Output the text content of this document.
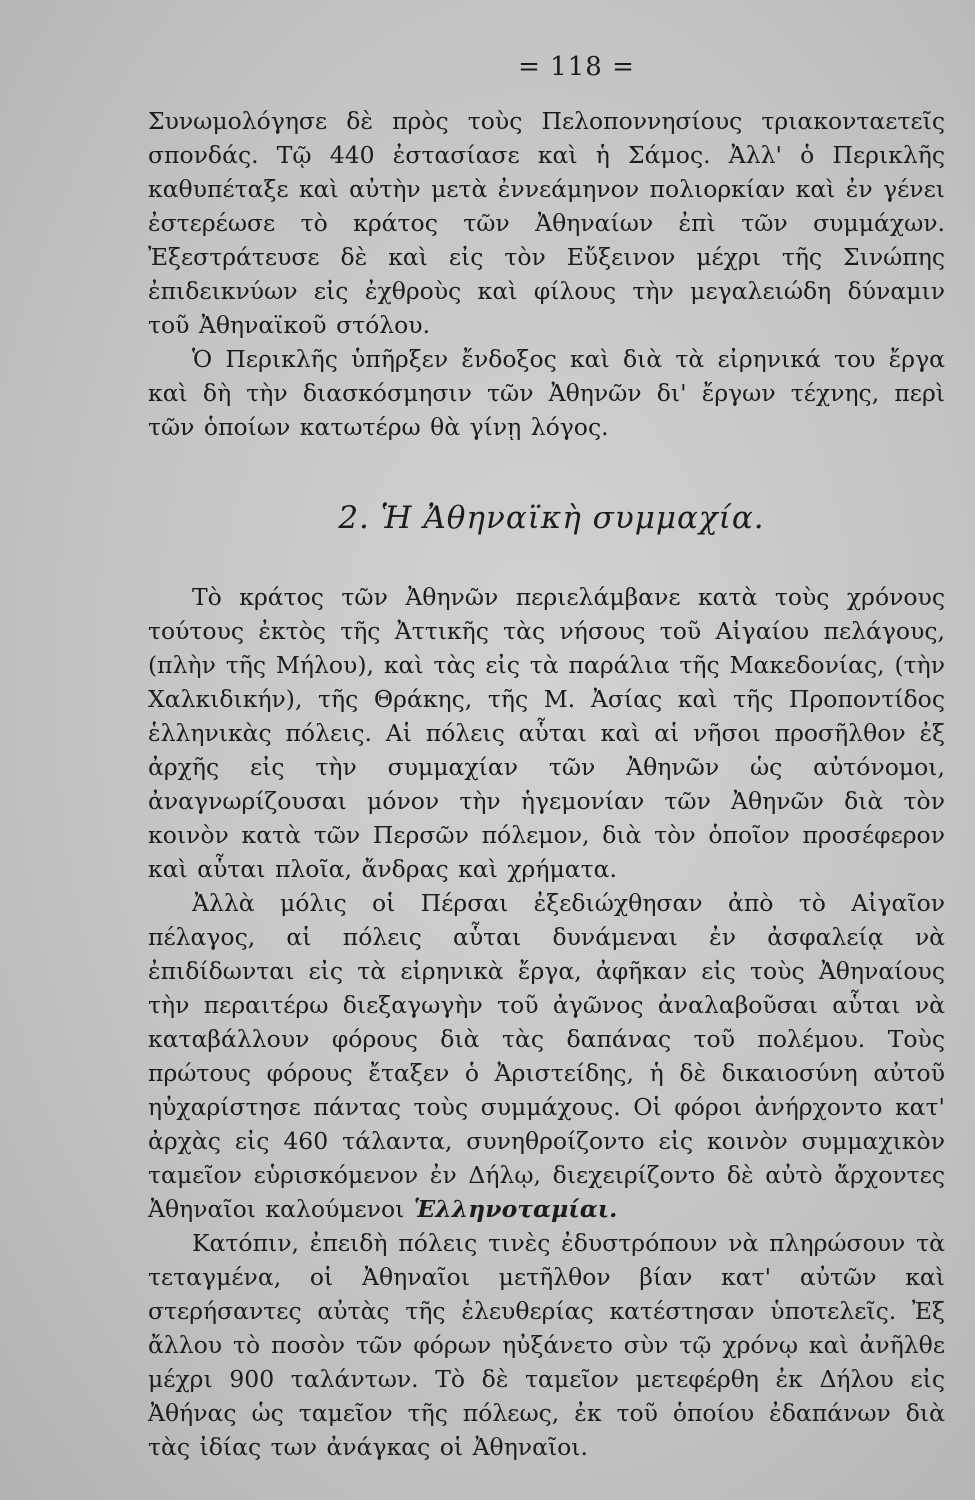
= 118 =

Συνωμολόγησε δὲ πρὸς τοὺς Πελοποννησίους τριακονταετεῖς σπονδάς. Τῷ 440 ἐστασίασε καὶ ἡ Σάμος. Ἀλλ' ὁ Περικλῆς καθυπέταξε καὶ αὐτὴν μετὰ ἐννεάμηνον πολιορκίαν καὶ ἐν γένει ἐστερέωσε τὸ κράτος τῶν Ἀθηναίων ἐπὶ τῶν συμμάχων. Ἐξεστράτευσε δὲ καὶ εἰς τὸν Εὔξεινον μέχρι τῆς Σινώπης ἐπιδεικνύων εἰς ἐχθροὺς καὶ φίλους τὴν μεγαλειώδη δύναμιν τοῦ Ἀθηναϊκοῦ στόλου.

Ὁ Περικλῆς ὑπῆρξεν ἔνδοξος καὶ διὰ τὰ εἰρηνικά του ἔργα καὶ δὴ τὴν διασκόσμησιν τῶν Ἀθηνῶν δι' ἔργων τέχνης, περὶ τῶν ὁποίων κατωτέρω θὰ γίνῃ λόγος.

2. Ἡ Ἀθηναϊκὴ συμμαχία.

Τὸ κράτος τῶν Ἀθηνῶν περιελάμβανε κατὰ τοὺς χρόνους τούτους ἐκτὸς τῆς Ἀττικῆς τὰς νήσους τοῦ Αἰγαίου πελάγους, (πλὴν τῆς Μήλου), καὶ τὰς εἰς τὰ παράλια τῆς Μακεδονίας, (τὴν Χαλκιδικήν), τῆς Θράκης, τῆς Μ. Ἀσίας καὶ τῆς Προποντίδος ἑλληνικὰς πόλεις. Αἱ πόλεις αὗται καὶ αἱ νῆσοι προσῆλθον ἐξ ἀρχῆς εἰς τὴν συμμαχίαν τῶν Ἀθηνῶν ὡς αὐτόνομοι, ἀναγνωρίζουσαι μόνον τὴν ἡγεμονίαν τῶν Ἀθηνῶν διὰ τὸν κοινὸν κατὰ τῶν Περσῶν πόλεμον, διὰ τὸν ὁποῖον προσέφερον καὶ αὗται πλοῖα, ἄνδρας καὶ χρήματα.

Ἀλλὰ μόλις οἱ Πέρσαι ἐξεδιώχθησαν ἀπὸ τὸ Αἰγαῖον πέλαγος, αἱ πόλεις αὗται δυνάμεναι ἐν ἀσφαλείᾳ νὰ ἐπιδίδωνται εἰς τὰ εἰρηνικὰ ἔργα, ἀφῆκαν εἰς τοὺς Ἀθηναίους τὴν περαιτέρω διεξαγωγὴν τοῦ ἀγῶνος ἀναλαβοῦσαι αὗται νὰ καταβάλλουν φόρους διὰ τὰς δαπάνας τοῦ πολέμου. Τοὺς πρώτους φόρους ἔταξεν ὁ Ἀριστείδης, ἡ δὲ δικαιοσύνη αὐτοῦ ηὐχαρίστησε πάντας τοὺς συμμάχους. Οἱ φόροι ἀνήρχοντο κατ' ἀρχὰς εἰς 460 τάλαντα, συνηθροίζοντο εἰς κοινὸν συμμαχικὸν ταμεῖον εὑρισκόμενον ἐν Δήλῳ, διεχειρίζοντο δὲ αὐτὸ ἄρχοντες Ἀθηναῖοι καλούμενοι Ἑλληνοταμίαι.

Κατόπιν, ἐπειδὴ πόλεις τινὲς ἐδυστρόπουν νὰ πληρώσουν τὰ τεταγμένα, οἱ Ἀθηναῖοι μετῆλθον βίαν κατ' αὐτῶν καὶ στερήσαντες αὐτὰς τῆς ἐλευθερίας κατέστησαν ὑποτελεῖς. Ἐξ ἄλλου τὸ ποσὸν τῶν φόρων ηὐξάνετο σὺν τῷ χρόνῳ καὶ ἀνῆλθε μέχρι 900 ταλάντων. Τὸ δὲ ταμεῖον μετεφέρθη ἐκ Δήλου εἰς Ἀθήνας ὡς ταμεῖον τῆς πόλεως, ἐκ τοῦ ὁποίου ἐδαπάνων διὰ τὰς ἰδίας των ἀνάγκας οἱ Ἀθηναῖοι.
